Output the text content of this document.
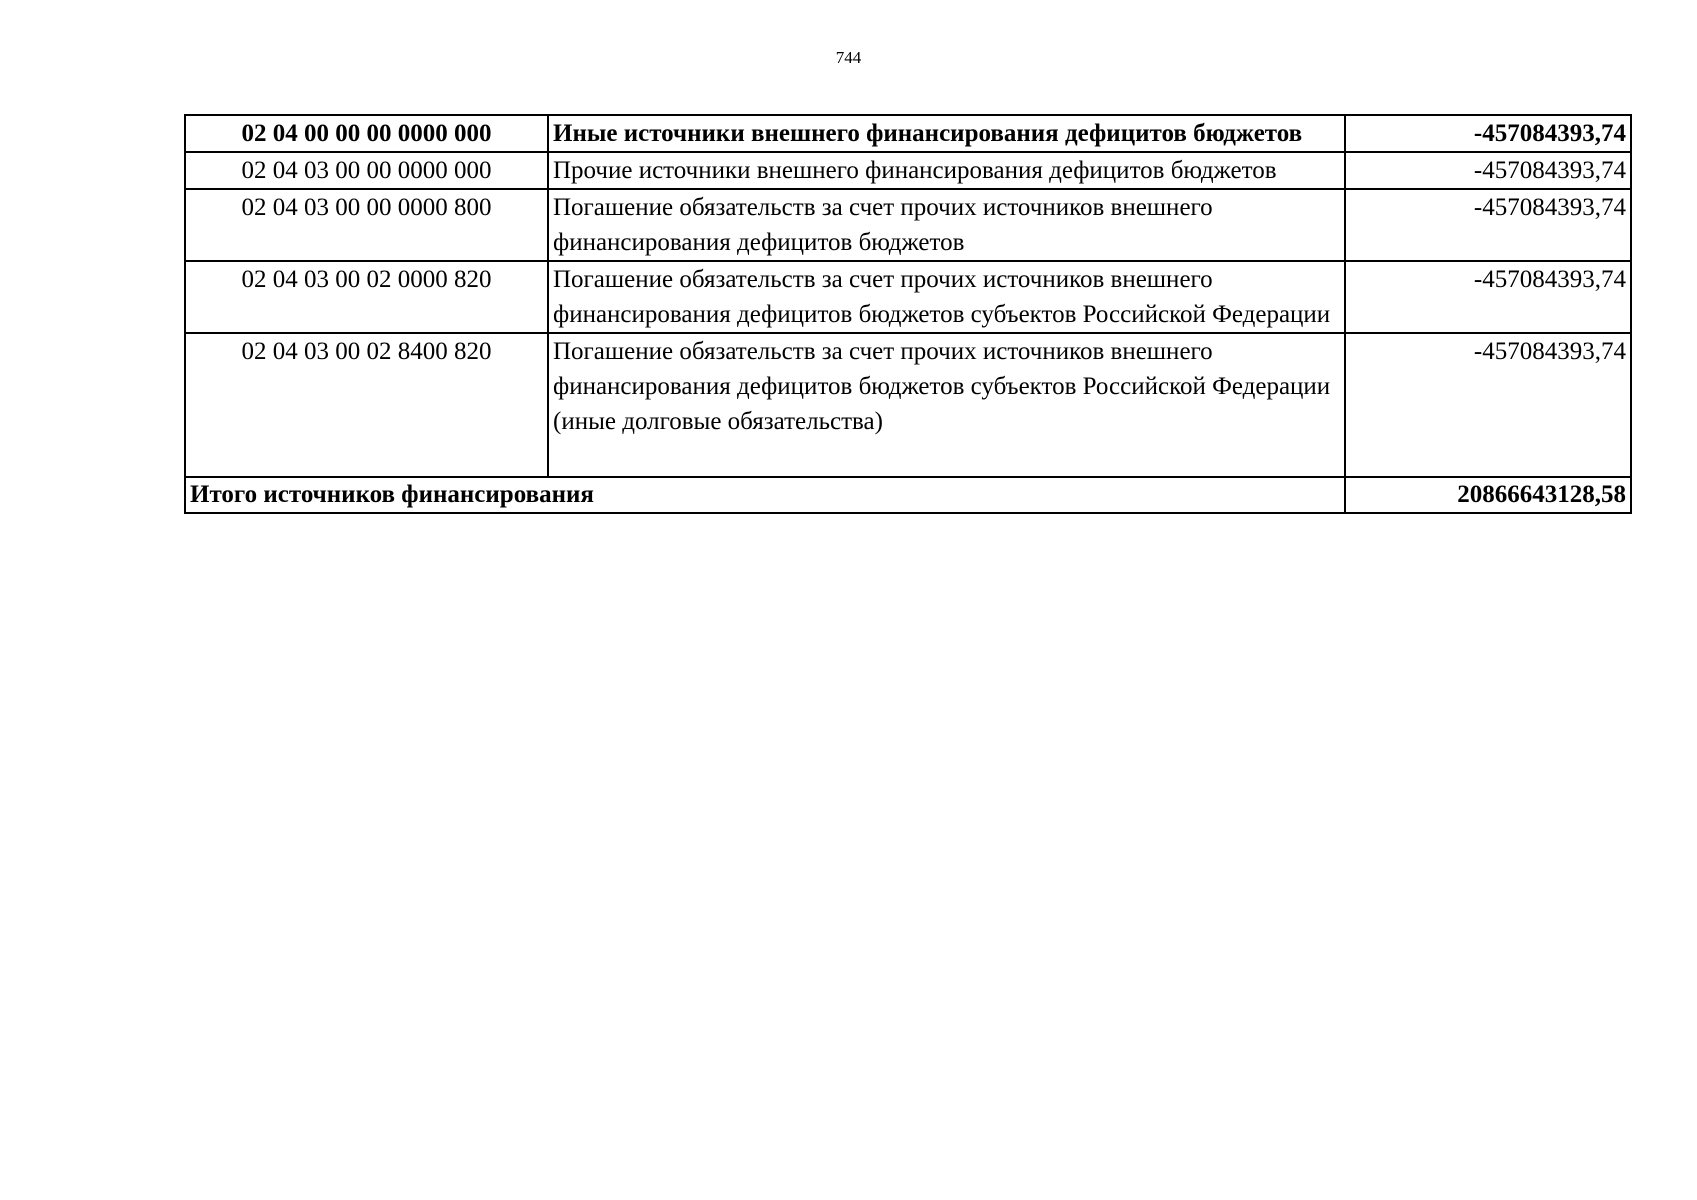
744
02 04 00 00 00 0000 000	Иные источники внешнего финансирования дефицитов бюджетов	-457084393,74
02 04 03 00 00 0000 000	Прочие источники внешнего финансирования дефицитов бюджетов	-457084393,74
02 04 03 00 00 0000 800	Погашение обязательств за счет прочих источников внешнего финансирования дефицитов бюджетов	-457084393,74
02 04 03 00 02 0000 820	Погашение обязательств за счет прочих источников внешнего финансирования дефицитов бюджетов субъектов Российской Федерации	-457084393,74
02 04 03 00 02 8400 820	Погашение обязательств за счет прочих источников внешнего финансирования дефицитов бюджетов субъектов Российской Федерации (иные долговые обязательства)	-457084393,74
Итого источников финансирования		20866643128,58
